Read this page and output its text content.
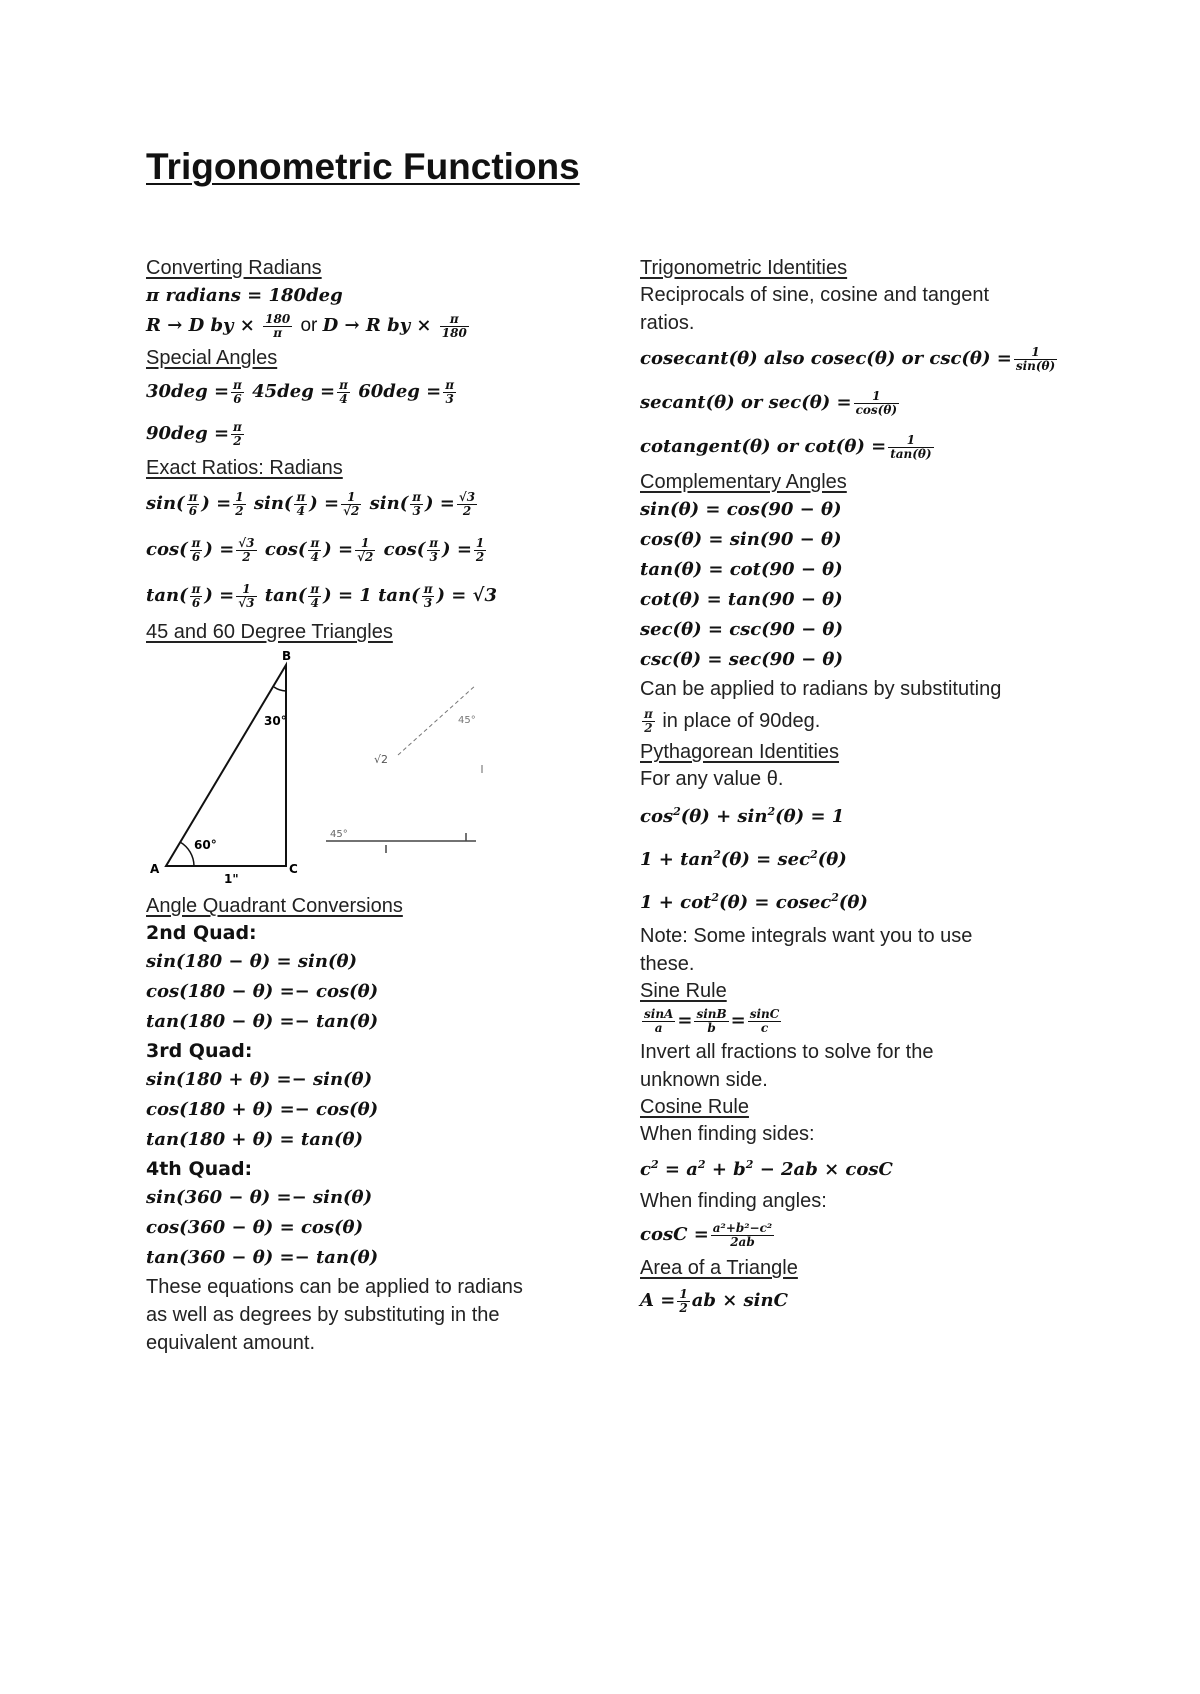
Trigonometric Functions
Converting Radians
π radians = 180deg
R → D by × $\frac{180}{\pi}$ or D → R by × $\frac{\pi}{180}$
Special Angles
$30deg = \frac{\pi}{6} 45deg = \frac{\pi}{4} 60deg = \frac{\pi}{3}$
$90deg = \frac{\pi}{2}$
Exact Ratios: Radians
$\sin( \frac{\pi}{6}$ ) = $\frac{1}{2} \sin( \frac{\pi}{4}$ ) = $\frac{1}{√2} \sin( \frac{\pi}{3}$ ) = $\frac{√3}{2}$
$\cos( \frac{\pi}{6}$ ) = $\frac{√3}{2} \cos( \frac{\pi}{4}$ ) = $\frac{1}{√2} \cos( \frac{\pi}{3}$ ) = $\frac{1}{2}$
$\tan( \frac{\pi}{6}$ ) = $\frac{1}{√3} \tan( \frac{\pi}{4}$ ) = 1 $\tan( \frac{\pi}{3}$ ) = √3
45 and 60 Degree Triangles
B
A	C
30°
60°
1"
45°
√2
45°
Angle Quadrant Conversions
2nd Quad:
sin(180 − θ) = sin(θ)
cos(180 − θ) =− cos(θ)
tan(180 − θ) =− tan(θ)
3rd Quad:
sin(180 + θ) =− sin(θ)
cos(180 + θ) =− cos(θ)
tan(180 + θ) = tan(θ)
4th Quad:
sin(360 − θ) =− sin(θ)
cos(360 − θ) = cos(θ)
tan(360 − θ) =− tan(θ)
These equations can be applied to radians
as well as degrees by substituting in the
equivalent amount.
Trigonometric Identities
Reciprocals of sine, cosine and tangent
ratios.
cosecant(θ) also cosec(θ) or $\csc(\theta) = \frac{1}{\sin(\theta)}$
secant(θ) or $\sec(\theta) = \frac{1}{\cos(\theta)}$
cotangent(θ) or $\cot(\theta) = \frac{1}{\tan(\theta)}$
Complementary Angles
sin(θ) = cos(90 − θ)
cos(θ) = sin(90 − θ)
tan(θ) = cot(90 − θ)
cot(θ) = tan(90 − θ)
sec(θ) = csc(90 − θ)
csc(θ) = sec(90 − θ)
Can be applied to radians by substituting
$\frac{\pi}{2}$ in place of 90deg.
Pythagorean Identities
For any value θ.
$\cos^2(\theta) + \sin^2(\theta) = 1$
$1 + \tan^2(\theta) = \sec^2(\theta)$
$1 + \cot^2(\theta) = cosec^2(\theta)$
Note: Some integrals want you to use
these.
Sine Rule
$\frac{\sin A}{a} = \frac{\sin B}{b} = \frac{\sin C}{c}$
Invert all fractions to solve for the
unknown side.
Cosine Rule
When finding sides:
$c^2 = a^2 + b^2 - 2ab \times \cos C$
When finding angles:
$\cos C = \frac{\text{a²+b²−c²}}{2ab}$
Area of a Triangle
$A = \frac{1}{2}$ ab × sinC
